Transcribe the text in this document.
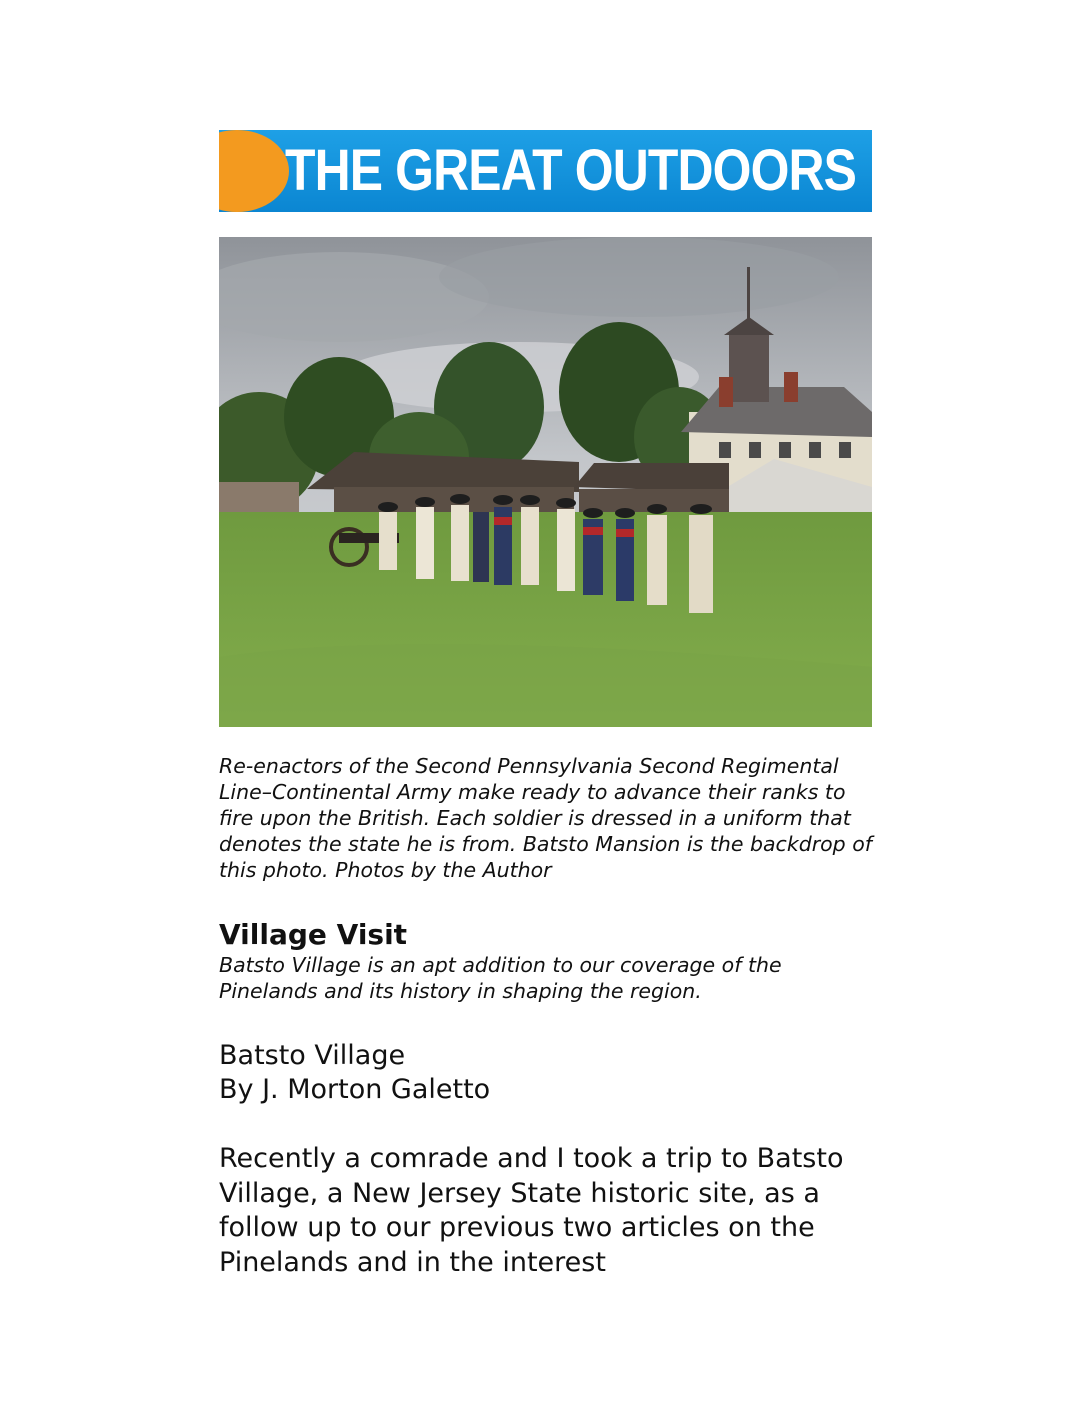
THE GREAT OUTDOORS

Re-enactors of the Second Pennsylvania Second Regimental Line–Continental Army make ready to advance their ranks to fire upon the British. Each soldier is dressed in a uniform that denotes the state he is from. Batsto Mansion is the backdrop of this photo. Photos by the Author

Village Visit

Batsto Village is an apt addition to our coverage of the Pinelands and its history in shaping the region.

Batsto Village
By J. Morton Galetto

Recently a comrade and I took a trip to Batsto Village, a New Jersey State historic site, as a follow up to our previous two articles on the Pinelands and in the interest
